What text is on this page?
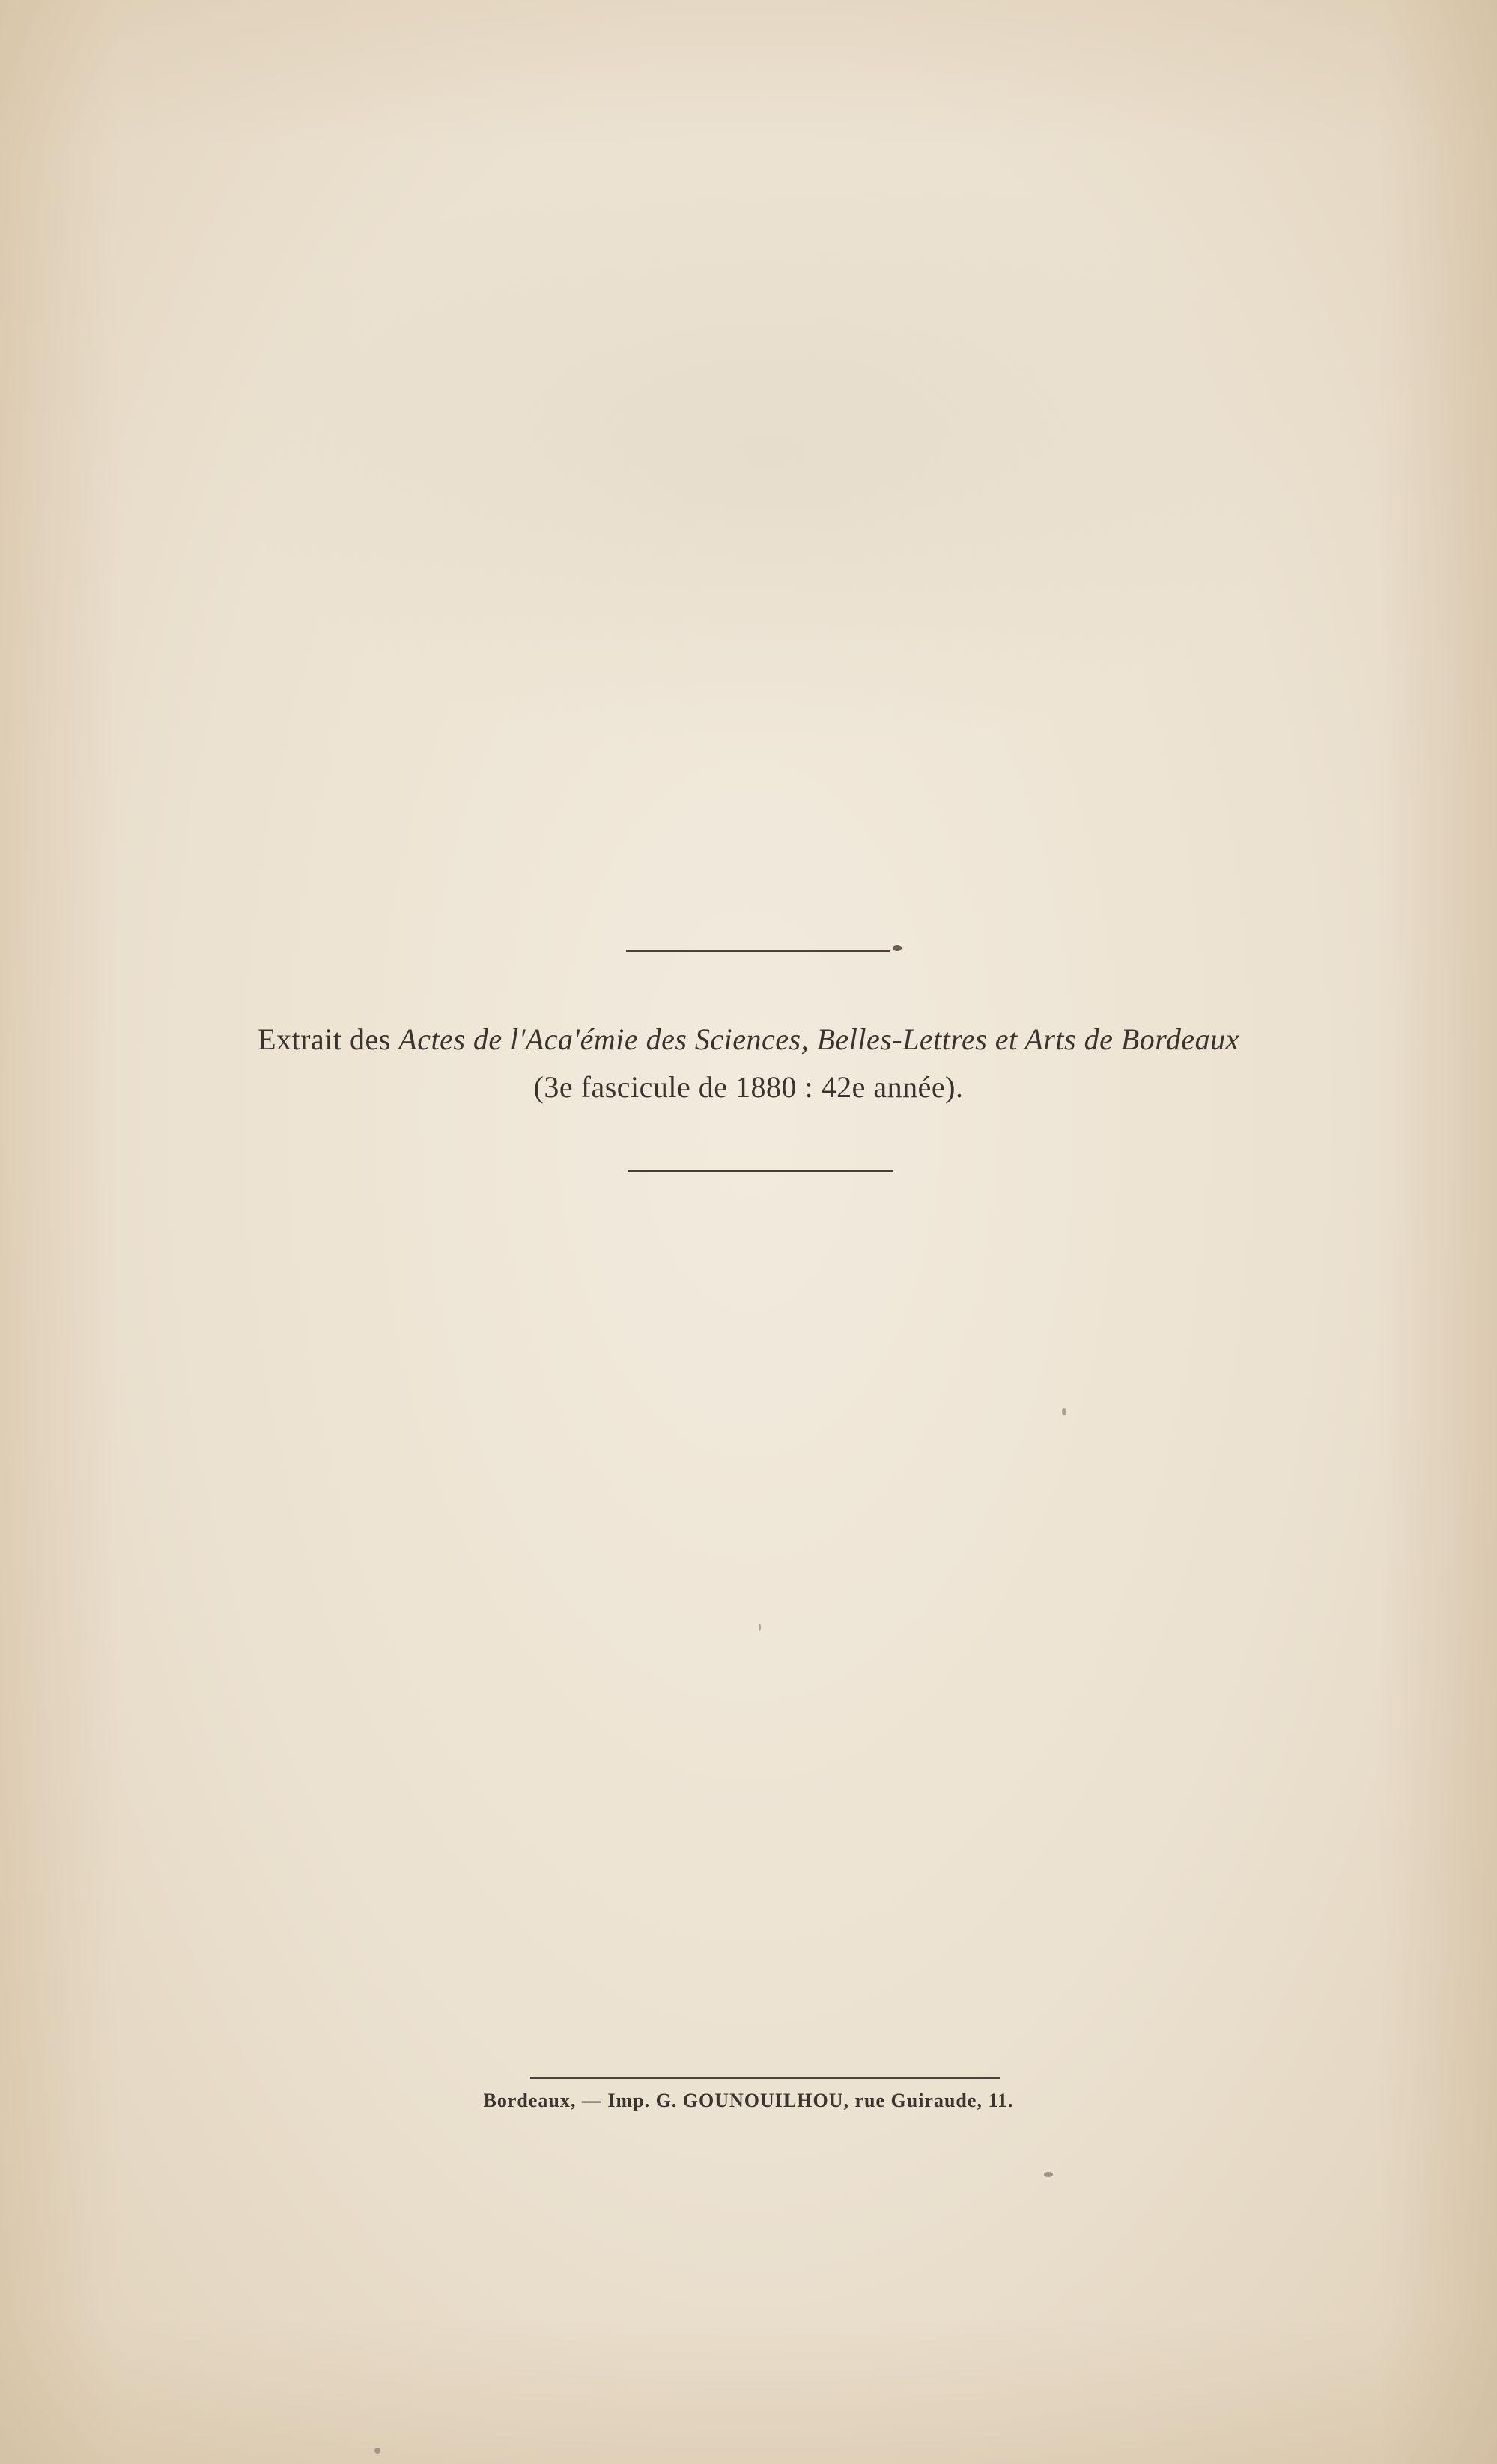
Extrait des Actes de l'Aca'émie des Sciences, Belles-Lettres et Arts de Bordeaux
(3e fascicule de 1880 : 42e année).
Bordeaux, — Imp. G. GOUNOUILHOU, rue Guiraude, 11.
